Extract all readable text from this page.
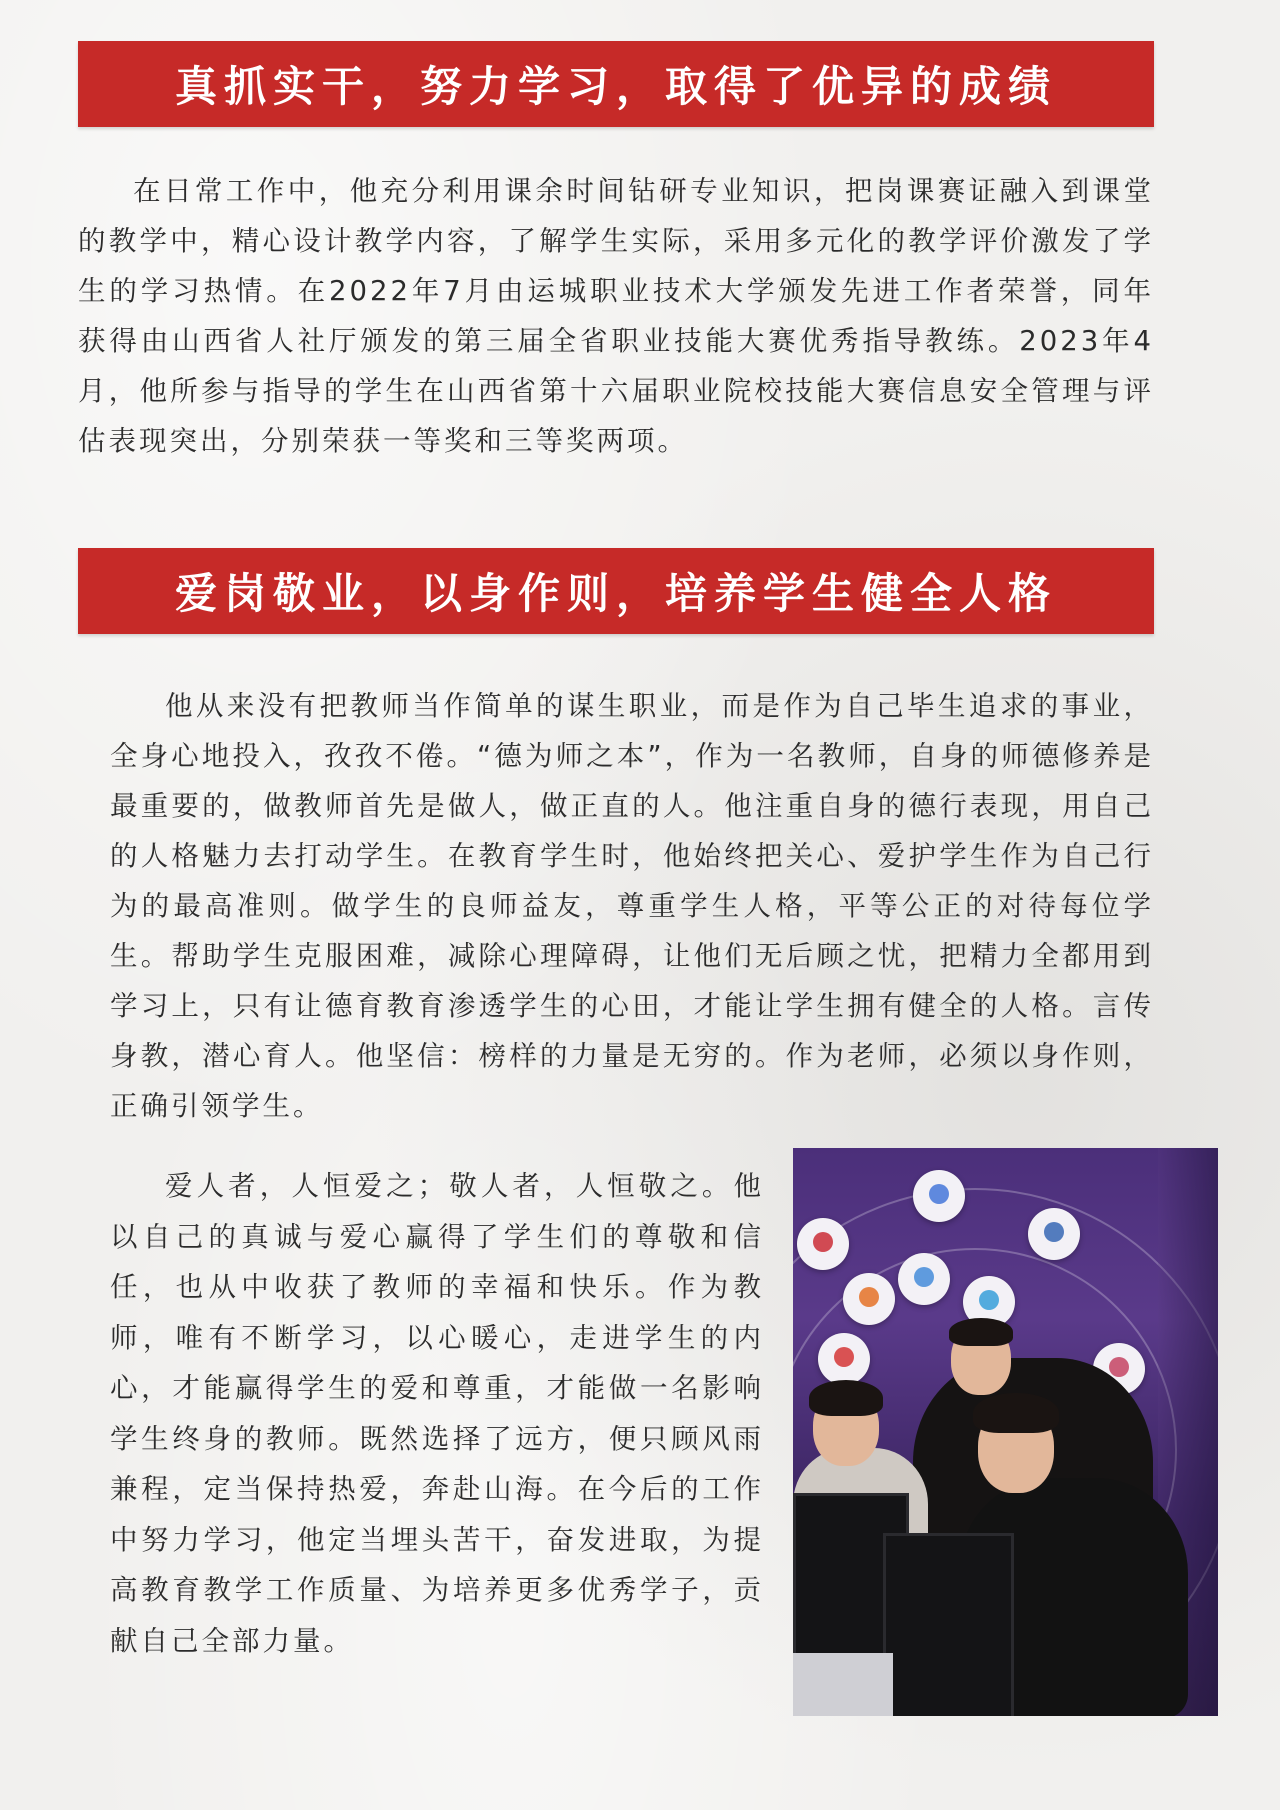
真抓实干，努力学习，取得了优异的成绩

在日常工作中，他充分利用课余时间钻研专业知识，把岗课赛证融入到课堂的教学中，精心设计教学内容，了解学生实际，采用多元化的教学评价激发了学生的学习热情。在2022年7月由运城职业技术大学颁发先进工作者荣誉，同年获得由山西省人社厅颁发的第三届全省职业技能大赛优秀指导教练。2023年4月，他所参与指导的学生在山西省第十六届职业院校技能大赛信息安全管理与评估表现突出，分别荣获一等奖和三等奖两项。

爱岗敬业，以身作则，培养学生健全人格

他从来没有把教师当作简单的谋生职业，而是作为自己毕生追求的事业，全身心地投入，孜孜不倦。“德为师之本”，作为一名教师，自身的师德修养是最重要的，做教师首先是做人，做正直的人。他注重自身的德行表现，用自己的人格魅力去打动学生。在教育学生时，他始终把关心、爱护学生作为自己行为的最高准则。做学生的良师益友，尊重学生人格，平等公正的对待每位学生。帮助学生克服困难，减除心理障碍，让他们无后顾之忧，把精力全都用到学习上，只有让德育教育渗透学生的心田，才能让学生拥有健全的人格。言传身教，潜心育人。他坚信：榜样的力量是无穷的。作为老师，必须以身作则，正确引领学生。

爱人者，人恒爱之；敬人者，人恒敬之。他以自己的真诚与爱心赢得了学生们的尊敬和信任，也从中收获了教师的幸福和快乐。作为教师，唯有不断学习，以心暖心，走进学生的内心，才能赢得学生的爱和尊重，才能做一名影响学生终身的教师。既然选择了远方，便只顾风雨兼程，定当保持热爱，奔赴山海。在今后的工作中努力学习，他定当埋头苦干，奋发进取，为提高教育教学工作质量、为培养更多优秀学子，贡献自己全部力量。
